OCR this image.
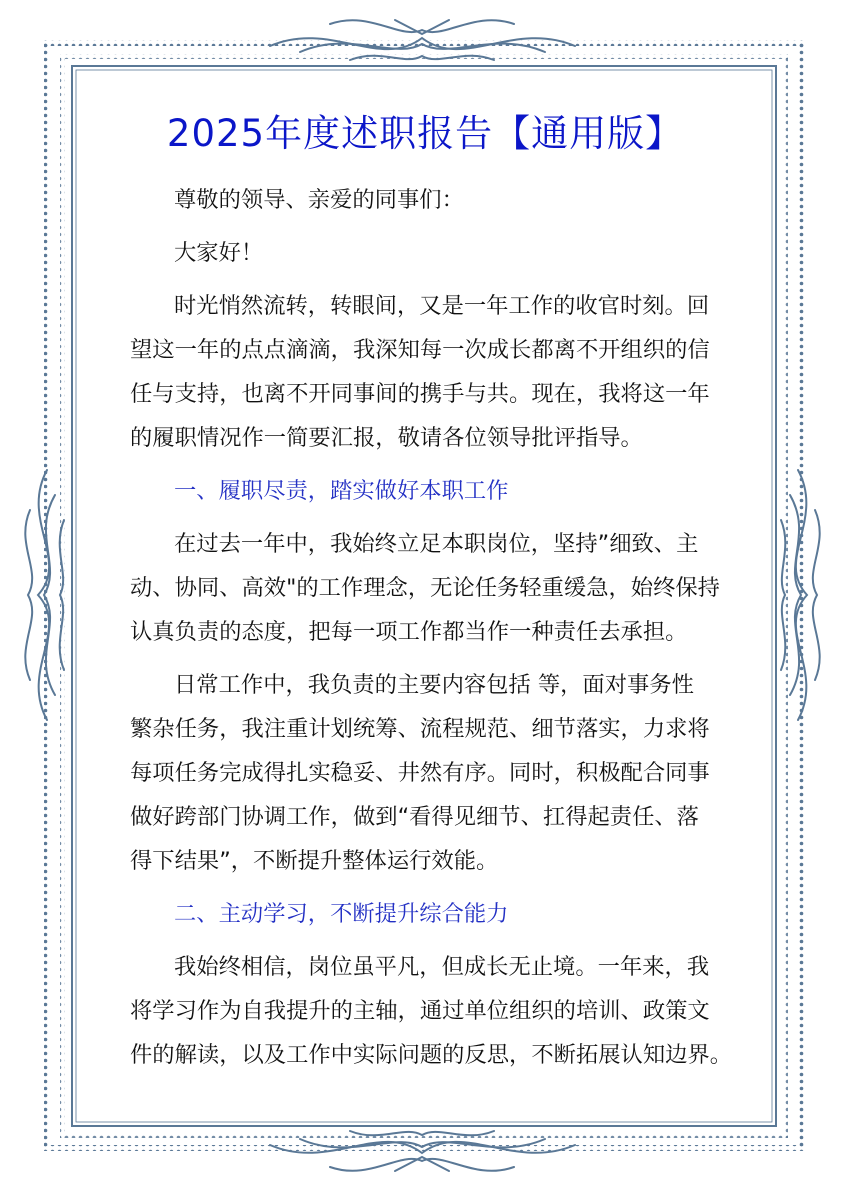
2025年度述职报告【通用版】
尊敬的领导、亲爱的同事们：
大家好！
时光悄然流转，转眼间，又是一年工作的收官时刻。回
望这一年的点点滴滴，我深知每一次成长都离不开组织的信
任与支持，也离不开同事间的携手与共。现在，我将这一年
的履职情况作一简要汇报，敬请各位领导批评指导。
一、履职尽责，踏实做好本职工作
在过去一年中，我始终立足本职岗位，坚持”细致、主
动、协同、高效"的工作理念，无论任务轻重缓急，始终保持
认真负责的态度，把每一项工作都当作一种责任去承担。
日常工作中，我负责的主要内容包括 等，面对事务性
繁杂任务，我注重计划统筹、流程规范、细节落实，力求将
每项任务完成得扎实稳妥、井然有序。同时，积极配合同事
做好跨部门协调工作，做到“看得见细节、扛得起责任、落
得下结果”，不断提升整体运行效能。
二、主动学习，不断提升综合能力
我始终相信，岗位虽平凡，但成长无止境。一年来，我
将学习作为自我提升的主轴，通过单位组织的培训、政策文
件的解读，以及工作中实际问题的反思，不断拓展认知边界。
